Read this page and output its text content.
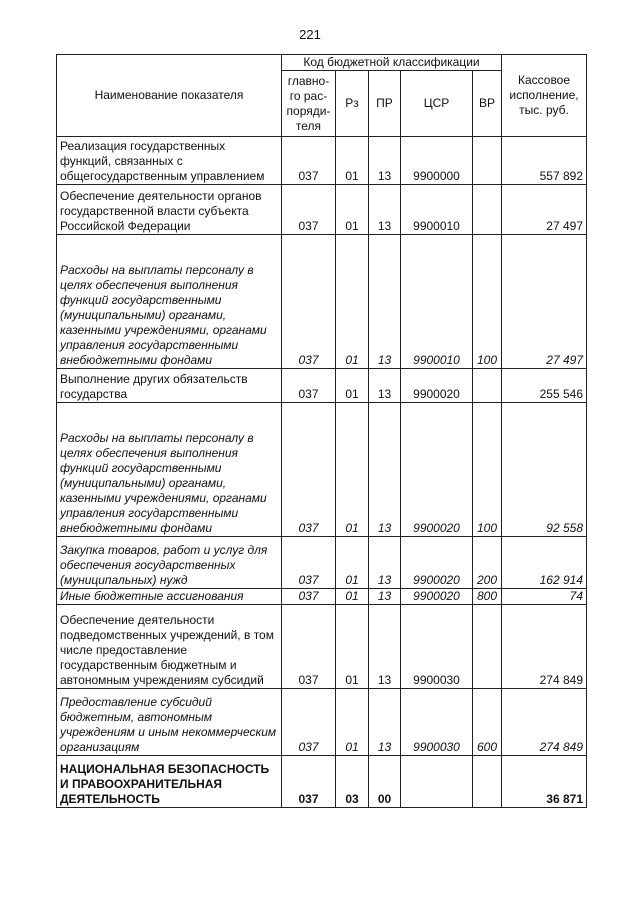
221
Наименование показателя	Код бюджетной классификации					Кассовое исполнение, тыс. руб.
	главно-го рас-поряди-теля	Рз	ПР	ЦСР	ВР	
Реализация государственных функций, связанных с общегосударственным управлением	037	01	13	9900000		557 892
Обеспечение деятельности органов государственной власти субъекта Российской Федерации	037	01	13	9900010		27 497
Расходы на выплаты персоналу в целях обеспечения выполнения функций государственными (муниципальными) органами, казенными учреждениями, органами управления государственными внебюджетными фондами	037	01	13	9900010	100	27 497
Выполнение других обязательств государства	037	01	13	9900020		255 546
Расходы на выплаты персоналу в целях обеспечения выполнения функций государственными (муниципальными) органами, казенными учреждениями, органами управления государственными внебюджетными фондами	037	01	13	9900020	100	92 558
Закупка товаров, работ и услуг для обеспечения государственных (муниципальных) нужд	037	01	13	9900020	200	162 914
Иные бюджетные ассигнования	037	01	13	9900020	800	74
Обеспечение деятельности подведомственных учреждений, в том числе предоставление государственным бюджетным и автономным учреждениям субсидий	037	01	13	9900030		274 849
Предоставление субсидий бюджетным, автономным учреждениям и иным некоммерческим организациям	037	01	13	9900030	600	274 849
НАЦИОНАЛЬНАЯ БЕЗОПАСНОСТЬ И ПРАВООХРАНИТЕЛЬНАЯ ДЕЯТЕЛЬНОСТЬ	037	03	00			36 871
